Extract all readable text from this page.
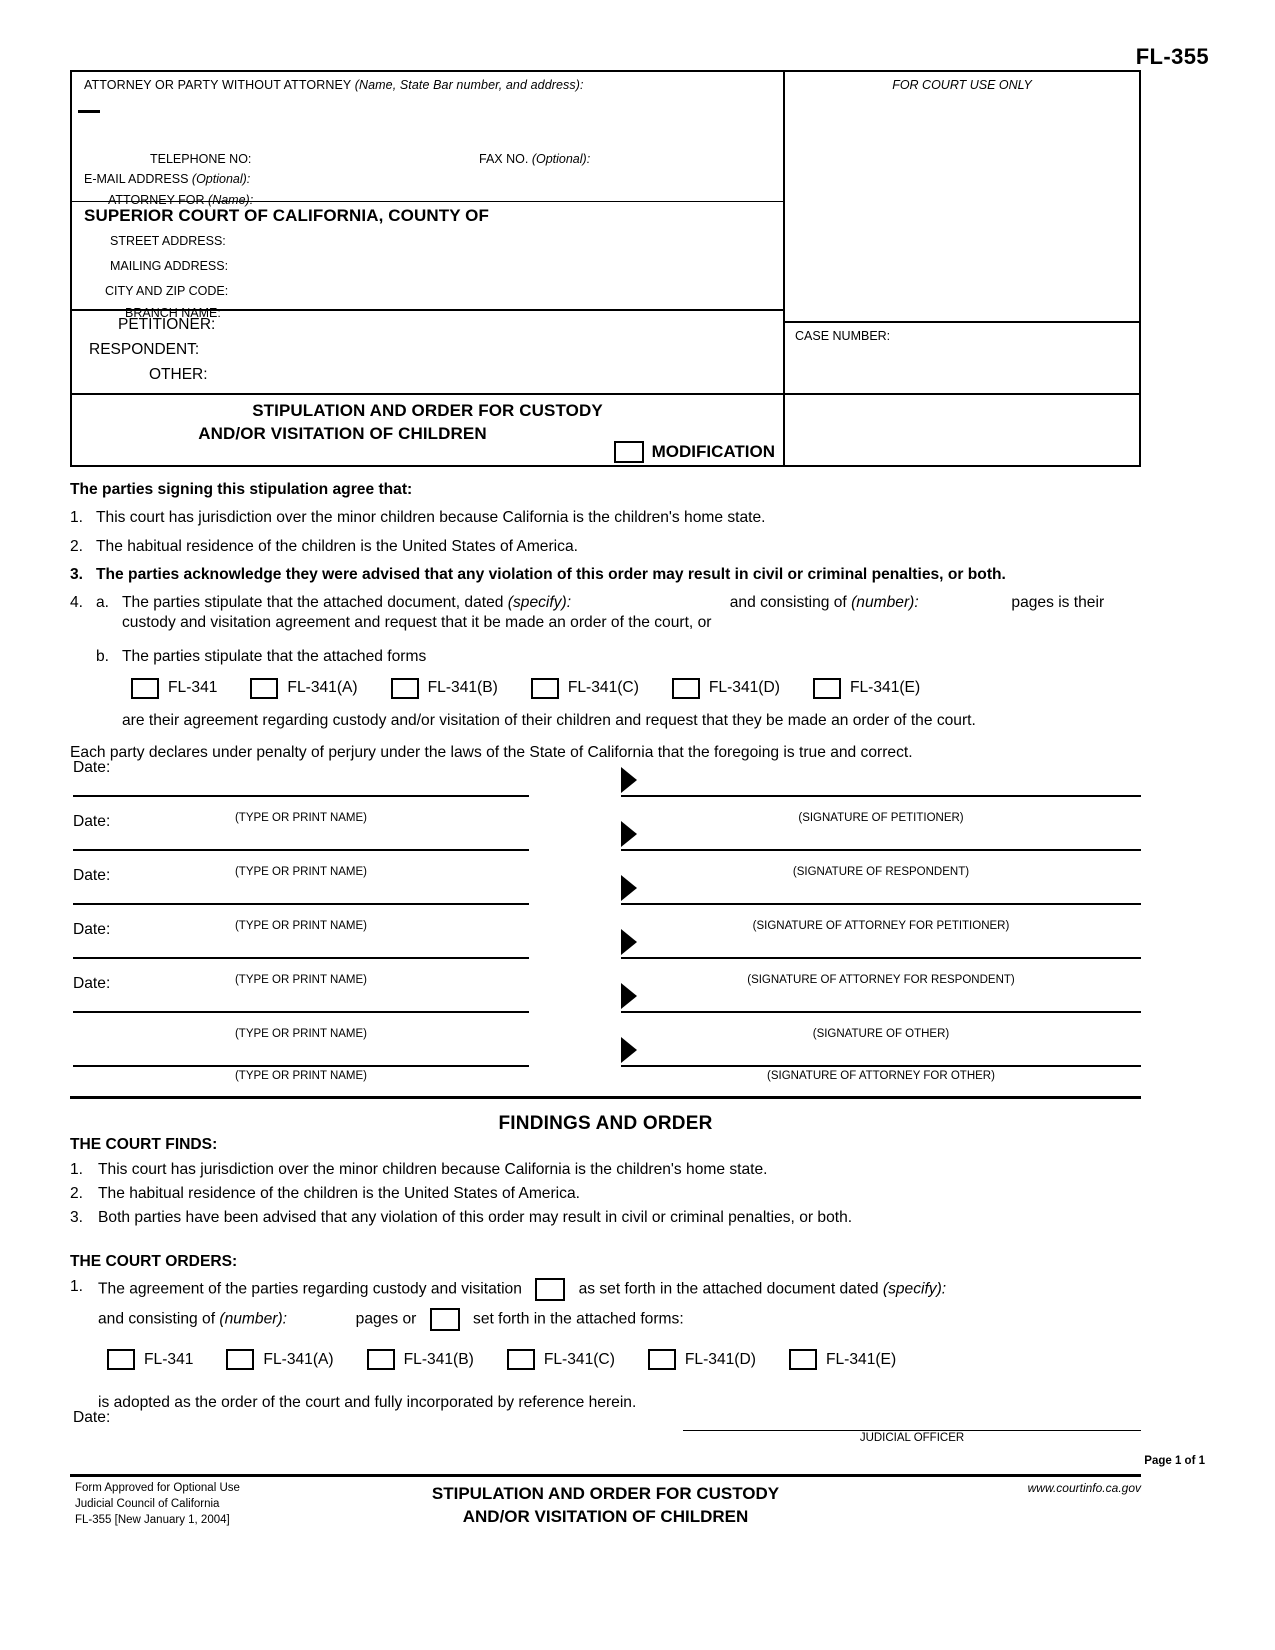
FL-355
ATTORNEY OR PARTY WITHOUT ATTORNEY (Name, State Bar number, and address):
TELEPHONE NO:	FAX NO. (Optional):
E-MAIL ADDRESS (Optional):
ATTORNEY FOR (Name):
SUPERIOR COURT OF CALIFORNIA, COUNTY OF
STREET ADDRESS:
MAILING ADDRESS:
CITY AND ZIP CODE:
BRANCH NAME:
PETITIONER:
RESPONDENT:
OTHER:
FOR COURT USE ONLY
CASE NUMBER:
STIPULATION AND ORDER FOR CUSTODY
AND/OR VISITATION OF CHILDREN
MODIFICATION
The parties signing this stipulation agree that:
1. This court has jurisdiction over the minor children because California is the children's home state.
2. The habitual residence of the children is the United States of America.
3. The parties acknowledge they were advised that any violation of this order may result in civil or criminal penalties, or both.
4. a. The parties stipulate that the attached document, dated (specify):	and consisting of (number):	pages is their
custody and visitation agreement and request that it be made an order of the court, or
b. The parties stipulate that the attached forms
FL-341	FL-341(A)	FL-341(B)	FL-341(C)	FL-341(D)	FL-341(E)
are their agreement regarding custody and/or visitation of their children and request that they be made an order of the court.
Each party declares under penalty of perjury under the laws of the State of California that the foregoing is true and correct.
Date:
Date:	(TYPE OR PRINT NAME)	(SIGNATURE OF PETITIONER)
Date:	(TYPE OR PRINT NAME)	(SIGNATURE OF RESPONDENT)
Date:	(TYPE OR PRINT NAME)	(SIGNATURE OF ATTORNEY FOR PETITIONER)
Date:	(TYPE OR PRINT NAME)	(SIGNATURE OF ATTORNEY FOR RESPONDENT)
(TYPE OR PRINT NAME)	(SIGNATURE OF OTHER)
(TYPE OR PRINT NAME)	(SIGNATURE OF ATTORNEY FOR OTHER)
FINDINGS AND ORDER
THE COURT FINDS:
1. This court has jurisdiction over the minor children because California is the children's home state.
2. The habitual residence of the children is the United States of America.
3. Both parties have been advised that any violation of this order may result in civil or criminal penalties, or both.
THE COURT ORDERS:
1. The agreement of the parties regarding custody and visitation	as set forth in the attached document dated (specify):
and consisting of (number):	pages or	set forth in the attached forms:
FL-341	FL-341(A)	FL-341(B)	FL-341(C)	FL-341(D)	FL-341(E)
is adopted as the order of the court and fully incorporated by reference herein.
Date:
JUDICIAL OFFICER
Page 1 of 1
Form Approved for Optional Use
Judicial Council of California
FL-355 [New January 1, 2004]
STIPULATION AND ORDER FOR CUSTODY
AND/OR VISITATION OF CHILDREN
www.courtinfo.ca.gov
